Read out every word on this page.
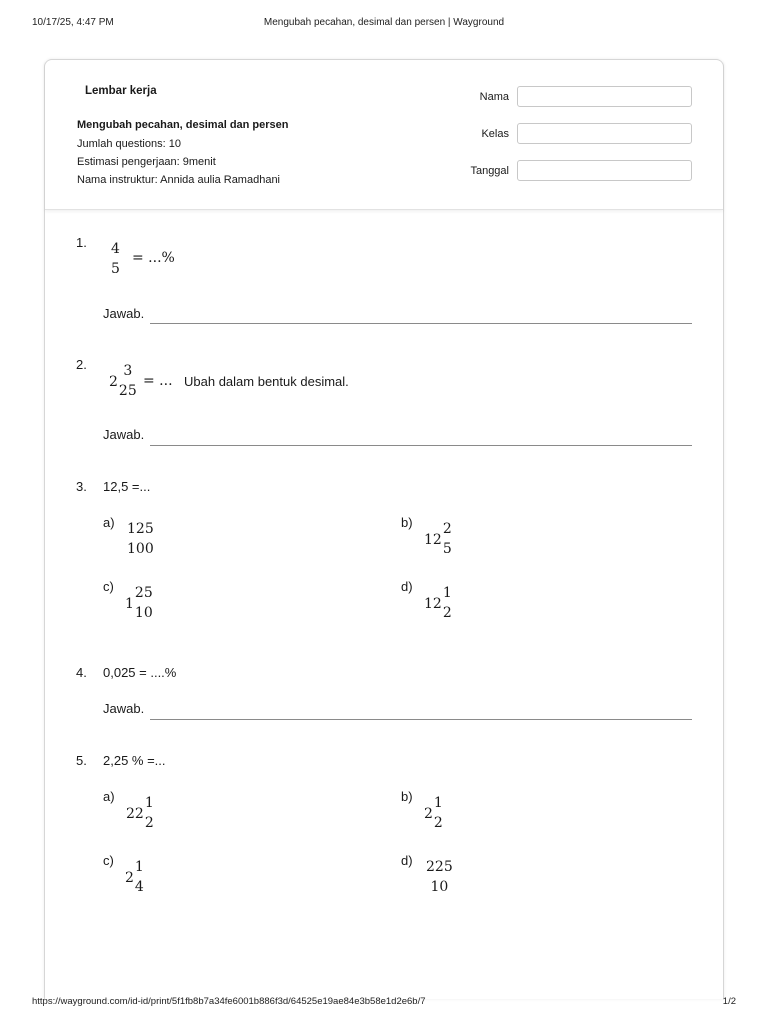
10/17/25, 4:47 PM	Mengubah pecahan, desimal dan persen | Wayground
Lembar kerja
Mengubah pecahan, desimal dan persen
Jumlah questions: 10
Estimasi pengerjaan: 9menit
Nama instruktur: Annida aulia Ramadhani
Nama
Kelas
Tanggal
1. 4
5
= ...%
Jawab.
2.
2
3
25
= ... Ubah dalam bentuk desimal.
Jawab.
3. 12,5 =...
a) 125
100
b)
12
2
5
c)
1
25
10
d)
12
1
2
4. 0,025 = ....%
Jawab.
5. 2,25 % =...
a)
22
1
2
b)
2
1
2
c)
2
1
4
d) 225
10
https://wayground.com/id-id/print/5f1fb8b7a34fe6001b886f3d/64525e19ae84e3b58e1d2e6b/7	1/2
